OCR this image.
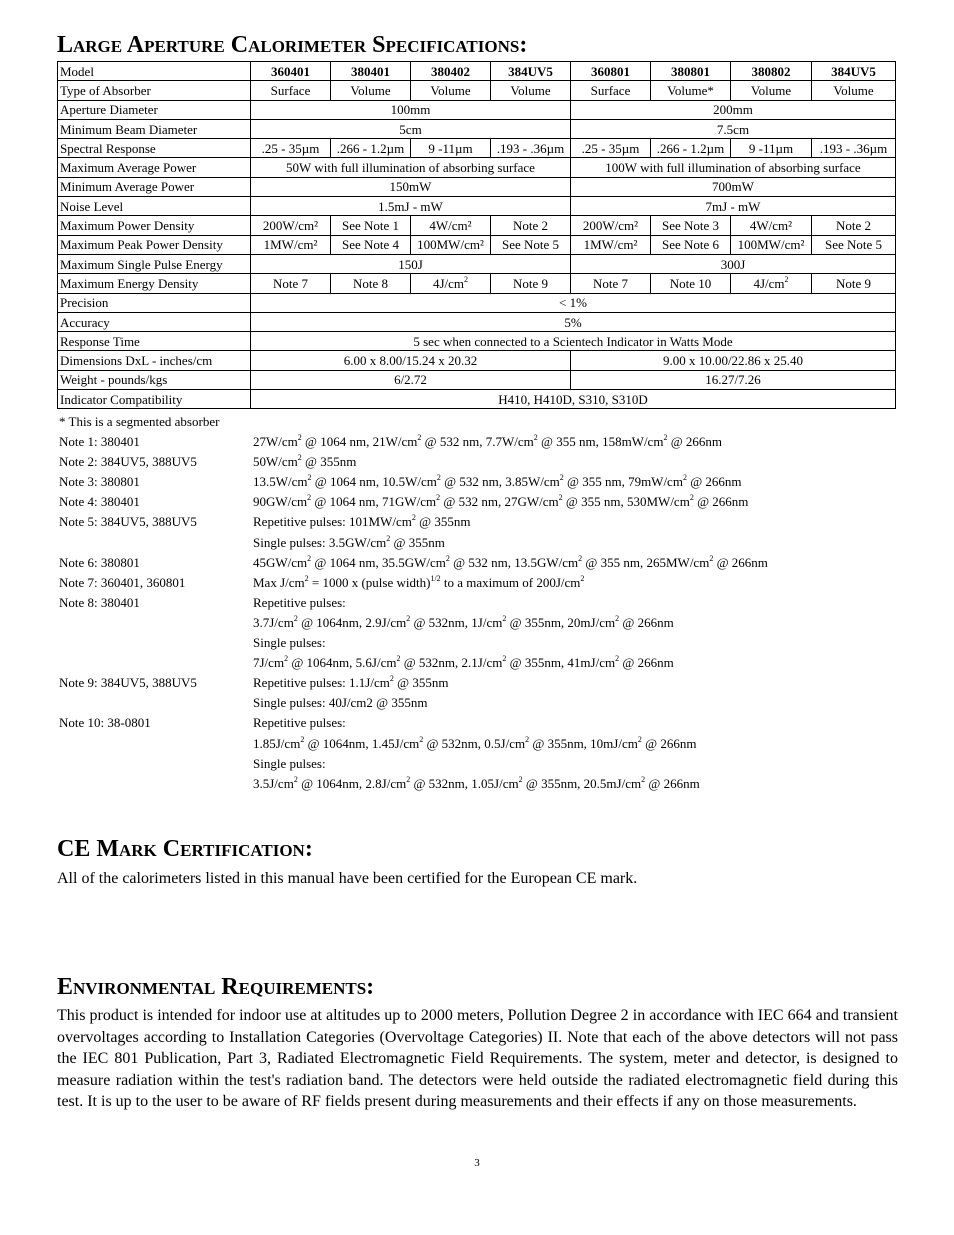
Large Aperture Calorimeter Specifications:
Model	360401	380401	380402	384UV5	360801	380801	380802	384UV5
Type of Absorber	Surface	Volume	Volume	Volume	Surface	Volume*	Volume	Volume
Aperture Diameter	100mm				200mm			
Minimum Beam Diameter	5cm				7.5cm			
Spectral Response	.25 - 35µm	.266 - 1.2µm	9 -11µm	.193 - .36µm	.25 - 35µm	.266 - 1.2µm	9 -11µm	.193 - .36µm
Maximum Average Power	50W with full illumination of absorbing surface				100W with full illumination of absorbing surface			
Minimum Average Power	150mW				700mW			
Noise Level	1.5mJ - mW				7mJ - mW			
Maximum Power Density	200W/cm²	See Note 1	4W/cm²	Note 2	200W/cm²	See Note 3	4W/cm²	Note 2
Maximum Peak Power Density	1MW/cm²	See Note 4	100MW/cm²	See Note 5	1MW/cm²	See Note 6	100MW/cm²	See Note 5
Maximum Single Pulse Energy	150J				300J			
Maximum Energy Density	Note 7	Note 8	$4J/cm^2$	Note 9	Note 7	Note 10	$4J/cm^2$	Note 9
Precision	< 1%							
Accuracy	5%							
Response Time	5 sec when connected to a Scientech Indicator in Watts Mode							
Dimensions DxL - inches/cm	6.00 x 8.00/15.24 x 20.32				9.00 x 10.00/22.86 x 25.40			
Weight - pounds/kgs	6/2.72				16.27/7.26			
Indicator Compatibility	H410, H410D, S310, S310D							
* This is a segmented absorber
Note 1: 380401	$27W/cm^2$ @ 1064 nm, $21W/cm^2$ @ 532 nm, $7.7W/cm^2$ @ 355 nm, $158mW/cm^2$ @ 266nm
Note 2: 384UV5, 388UV5	$50W/cm^2$ @ 355nm
Note 3: 380801	$13.5W/cm^2$ @ 1064 nm, $10.5W/cm^2$ @ 532 nm, $3.85W/cm^2$ @ 355 nm, $79mW/cm^2$ @ 266nm
Note 4: 380401	$90GW/cm^2$ @ 1064 nm, $71GW/cm^2$ @ 532 nm, $27GW/cm^2$ @ 355 nm, $530MW/cm^2$ @ 266nm
Note 5: 384UV5, 388UV5	Repetitive pulses: $101MW/cm^2$ @ 355nm
Single pulses: $3.5GW/cm^2$ @ 355nm
Note 6: 380801	$45GW/cm^2$ @ 1064 nm, $35.5GW/cm^2$ @ 532 nm, $13.5GW/cm^2$ @ 355 nm, $265MW/cm^2$ @ 266nm
Note 7: 360401, 360801	Max $J/cm^2 = 1000$ x (pulse width)$^{1/2}$ to a maximum of $200J/cm^2$
Note 8: 380401	Repetitive pulses:
$3.7J/cm^2$ @ 1064nm, $2.9J/cm^2$ @ 532nm, $1J/cm^2$ @ 355nm, $20mJ/cm^2$ @ 266nm
Single pulses:
$7J/cm^2$ @ 1064nm, $5.6J/cm^2$ @ 532nm, $2.1J/cm^2$ @ 355nm, $41mJ/cm^2$ @ 266nm
Note 9: 384UV5, 388UV5	Repetitive pulses: $1.1J/cm^2$ @ 355nm
Single pulses: 40J/cm2 @ 355nm
Note 10: 38-0801	Repetitive pulses:
$1.85J/cm^2$ @ 1064nm, $1.45J/cm^2$ @ 532nm, $0.5J/cm^2$ @ 355nm, $10mJ/cm^2$ @ 266nm
Single pulses:
$3.5J/cm^2$ @ 1064nm, $2.8J/cm^2$ @ 532nm, $1.05J/cm^2$ @ 355nm, $20.5mJ/cm^2$ @ 266nm
CE Mark Certification:
All of the calorimeters listed in this manual have been certified for the European CE mark.
Environmental Requirements:
This product is intended for indoor use at altitudes up to 2000 meters, Pollution Degree 2 in accordance with IEC 664 and transient overvoltages according to Installation Categories (Overvoltage Categories) II. Note that each of the above detectors will not pass the IEC 801 Publication, Part 3, Radiated Electromagnetic Field Requirements. The system, meter and detector, is designed to measure radiation within the test's radiation band. The detectors were held outside the radiated electromagnetic field during this test. It is up to the user to be aware of RF fields present during measurements and their effects if any on those measurements.
3
